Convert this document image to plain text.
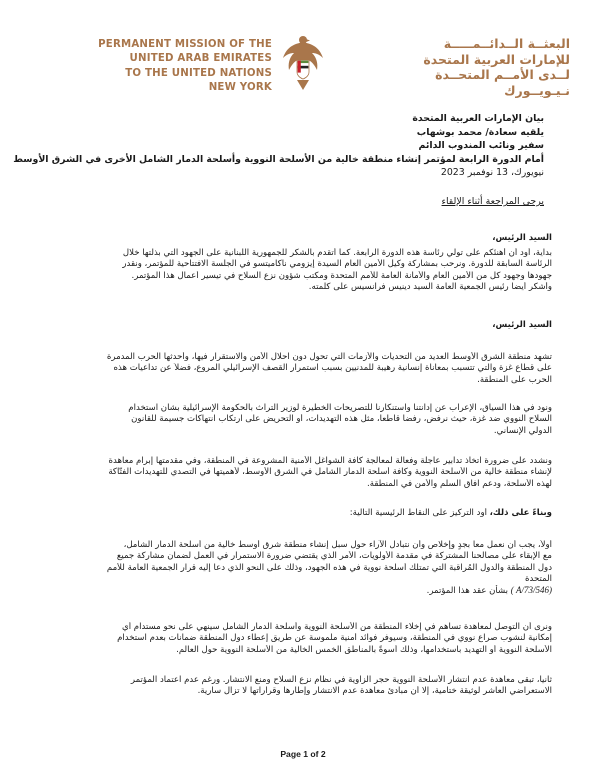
PERMANENT MISSION OF THE
UNITED ARAB EMIRATES
TO THE UNITED NATIONS
NEW YORK
البعثــة الــدائــمـــــة
للإمارات العربية المتحدة
لــدى الأمــم المتحــدة
نـيـويــورك
بيان الإمارات العربية المتحدة
يلقيه سعادة/ محمد بوشهاب
سفير ونائب المندوب الدائم
أمام الدورة الرابعة لمؤتمر إنشاء منطقة خالية من الأسلحة النووية وأسلحة الدمار الشامل الأخرى في الشرق الأوسط
نيويورك، 13 نوفمبر 2023
يرجى المراجعة أثناء الإلقاء
السيد الرئيس،
بداية، أود أن أهنئكم على تولي رئاسة هذه الدورة الرابعة. كما أتقدم بالشكر للجمهورية اللبنانية على الجهود التي بذلتها خلال
الرئاسة السابقة للدورة. ونرحب بمشاركة وكيل الأمين العام السيدة إيزومي ناكاميتسو في الجلسة الافتتاحية للمؤتمر، ونقدر
جهودها وجهود كل من الأمين العام والأمانة العامة للأمم المتحدة ومكتب شؤون نزع السلاح في تيسير أعمال هذا المؤتمر.
وأشكر أيضاً رئيس الجمعية العامة السيد دينيس فرانسيس على كلمته.
السيد الرئيس،
تشهد منطقة الشرق الأوسط العديد من التحديات والأزمات التي تحول دون احلال الأمن والاستقرار فيها، وأحدثها الحرب المدمرة
على قطاع غزة والتي تتسبب بمعاناة إنسانية رهيبة للمدنيين بسبب استمرار القصف الإسرائيلي المروع، فضلاً عن تداعيات هذه
الحرب على المنطقة.
ونود في هذا السياق، الإعراب عن إدانتنا واستنكارنا للتصريحات الخطيرة لوزير التراث بالحكومة الإسرائيلية بشأن استخدام
السلاح النووي ضد غزة، حيث نرفض، رفضاً قاطعاً، مثل هذه التهديدات، أو التحريض على ارتكاب انتهاكات جسيمة للقانون
الدولي الإنساني.
ونشدد على ضرورة اتخاذ تدابير عاجلة وفعالة لمعالجة كافة الشواغل الأمنية المشروعة في المنطقة، وفي مقدمتها إبرام معاهدة
لإنشاء منطقة خالية من الأسلحة النووية وكافة أسلحة الدمار الشامل في الشرق الأوسط، لأهميتها في التصدي للتهديدات الفتّاكة
لهذه الأسلحة، ودعم آفاق السلم والأمن في المنطقة.
وبناءً على ذلك، أود التركيز على النقاط الرئيسية التالية:
أولاً، يجب أن نعمل معاً بجدٍ وإخلاص وأن نتبادل الآراء حول سبل إنشاء منطقة شرق أوسط خالية من أسلحة الدمار الشامل،
مع الإبقاء على مصالحنا المشتركة في مقدمة الأولويات، الأمر الذي يقتضي ضرورة الاستمرار في العمل لضمان مشاركة جميع
دول المنطقة والدول المُراقبة التي تمتلك أسلحة نووية في هذه الجهود، وذلك على النحو الذي دعا إليه قرار الجمعية العامة للأمم
المتحدة
(A/73/546 ) بشأن عقد هذا المؤتمر.
ونرى أن التوصل لمعاهدة تساهم في إخلاء المنطقة من الأسلحة النووية وأسلحة الدمار الشامل سينهي على نحو مستدام أي
إمكانية لنشوب صراع نووي في المنطقة، وسيوفر فوائد أمنية ملموسة عن طريق إعطاء دول المنطقة ضمانات بعدم استخدام
الأسلحة النووية أو التهديد باستخدامها، وذلك أسوةً بالمناطق الخمس الخالية من الأسلحة النووية حول العالم.
ثانياً، تبقى معاهدة عدم انتشار الأسلحة النووية حجر الزاوية في نظام نزع السلاح ومنع الانتشار. ورغم عدم اعتماد المؤتمر
الاستعراضي العاشر لوثيقة ختامية، إلا أن مبادئ معاهدة عدم الانتشار وإطارها وقراراتها لا تزال سارية.
Page 1 of 2
